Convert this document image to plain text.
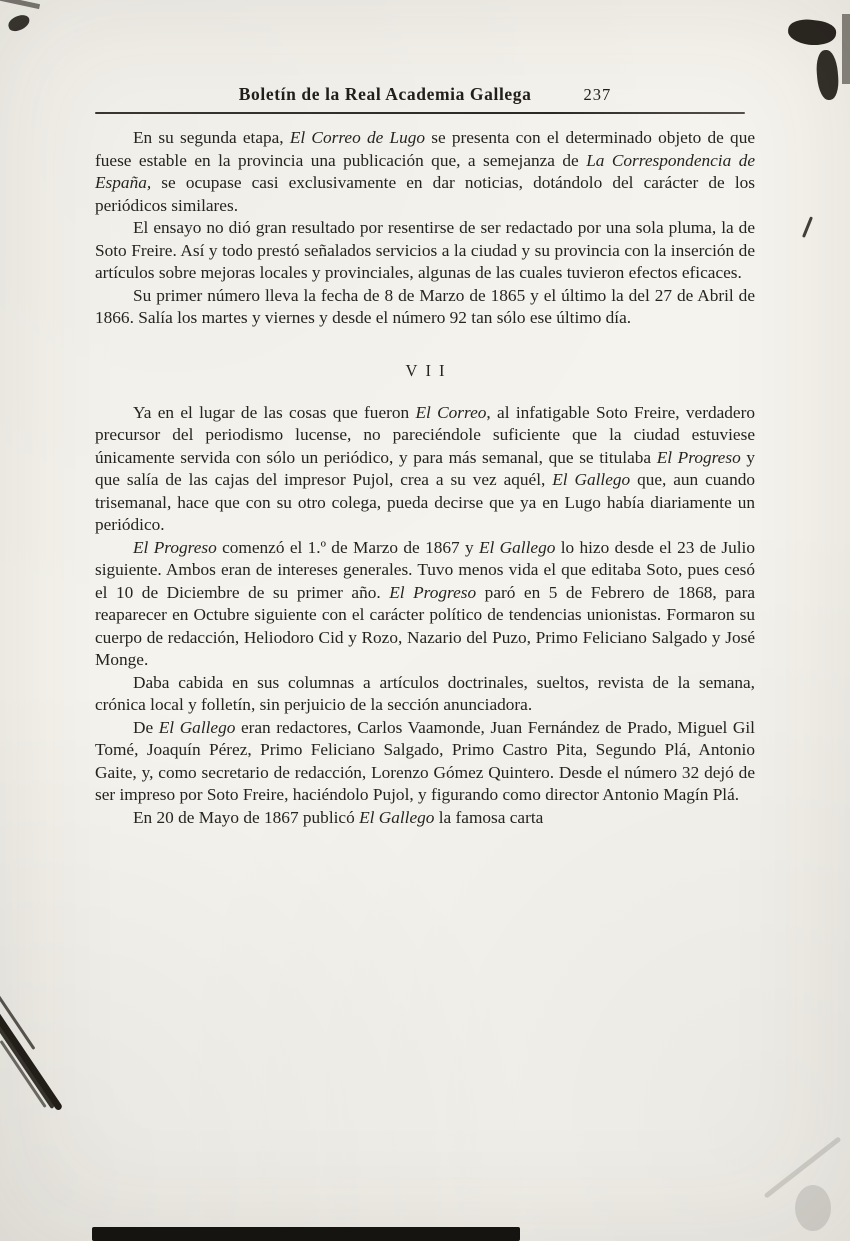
Boletín de la Real Academia Gallega	237

En su segunda etapa, El Correo de Lugo se presenta con el determinado objeto de que fuese estable en la provincia una publicación que, a semejanza de La Correspondencia de España, se ocupase casi exclusivamente en dar noticias, dotándolo del carácter de los periódicos similares.

El ensayo no dió gran resultado por resentirse de ser redactado por una sola pluma, la de Soto Freire. Así y todo prestó señalados servicios a la ciudad y su provincia con la inserción de artículos sobre mejoras locales y provinciales, algunas de las cuales tuvieron efectos eficaces.

Su primer número lleva la fecha de 8 de Marzo de 1865 y el último la del 27 de Abril de 1866. Salía los martes y viernes y desde el número 92 tan sólo ese último día.

VII

Ya en el lugar de las cosas que fueron El Correo, al infatigable Soto Freire, verdadero precursor del periodismo lucense, no pareciéndole suficiente que la ciudad estuviese únicamente servida con sólo un periódico, y para más semanal, que se titulaba El Progreso y que salía de las cajas del impresor Pujol, crea a su vez aquél, El Gallego que, aun cuando trisemanal, hace que con su otro colega, pueda decirse que ya en Lugo había diariamente un periódico.

El Progreso comenzó el 1.º de Marzo de 1867 y El Gallego lo hizo desde el 23 de Julio siguiente. Ambos eran de intereses generales. Tuvo menos vida el que editaba Soto, pues cesó el 10 de Diciembre de su primer año. El Progreso paró en 5 de Febrero de 1868, para reaparecer en Octubre siguiente con el carácter político de tendencias unionistas. Formaron su cuerpo de redacción, Heliodoro Cid y Rozo, Nazario del Puzo, Primo Feliciano Salgado y José Monge.

Daba cabida en sus columnas a artículos doctrinales, sueltos, revista de la semana, crónica local y folletín, sin perjuicio de la sección anunciadora.

De El Gallego eran redactores, Carlos Vaamonde, Juan Fernández de Prado, Miguel Gil Tomé, Joaquín Pérez, Primo Feliciano Salgado, Primo Castro Pita, Segundo Plá, Antonio Gaite, y, como secretario de redacción, Lorenzo Gómez Quintero. Desde el número 32 dejó de ser impreso por Soto Freire, haciéndolo Pujol, y figurando como director Antonio Magín Plá.

En 20 de Mayo de 1867 publicó El Gallego la famosa carta
